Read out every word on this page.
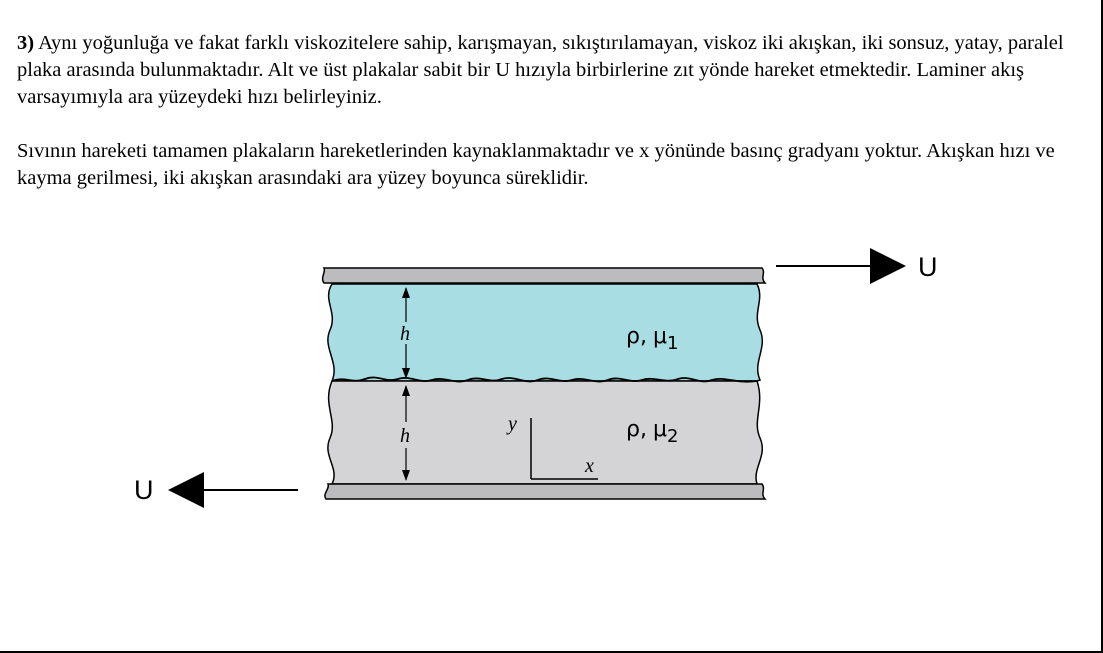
3) Aynı yoğunluğa ve fakat farklı viskozitelere sahip, karışmayan, sıkıştırılamayan, viskoz iki akışkan, iki sonsuz, yatay, paralel plaka arasında bulunmaktadır. Alt ve üst plakalar sabit bir U hızıyla birbirlerine zıt yönde hareket etmektedir. Laminer akış varsayımıyla ara yüzeydeki hızı belirleyiniz.

Sıvının hareketi tamamen plakaların hareketlerinden kaynaklanmaktadır ve x yönünde basınç gradyanı yoktur. Akışkan hızı ve kayma gerilmesi, iki akışkan arasındaki ara yüzey boyunca süreklidir.

U
U
h
h
ρ, $\mu_1$
ρ, $\mu_2$
y
x
